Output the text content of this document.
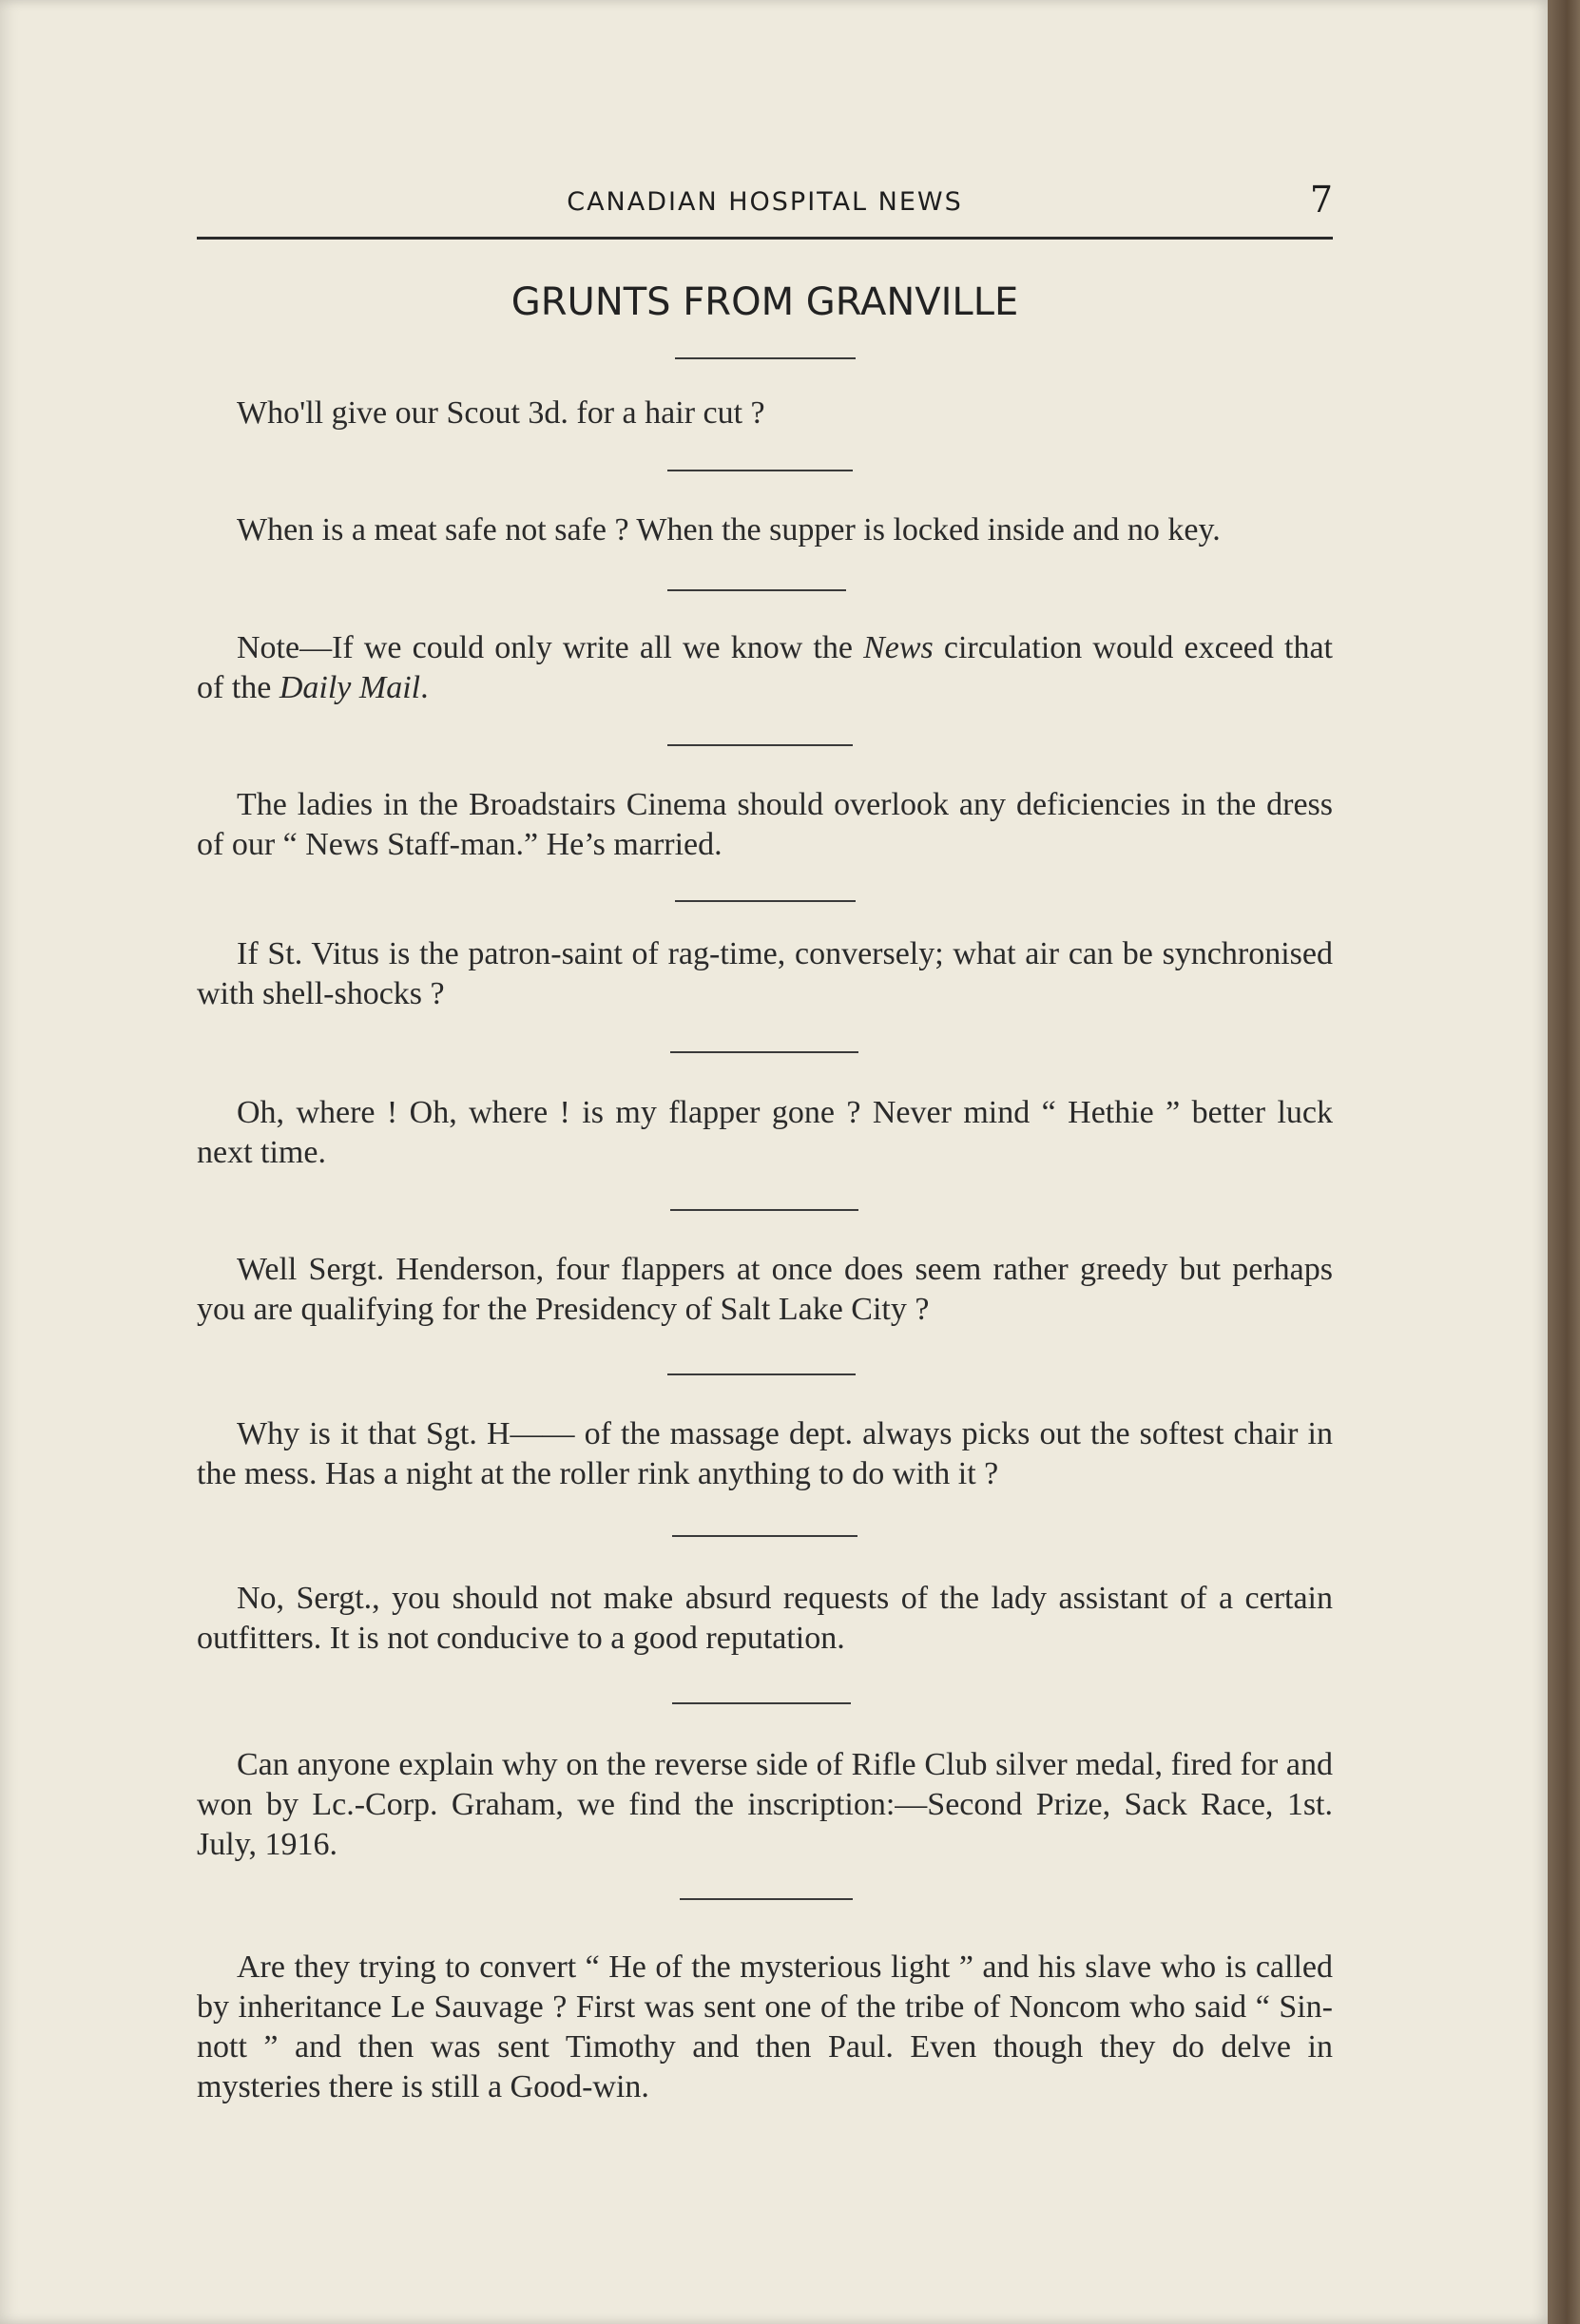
CANADIAN HOSPITAL NEWS	7
GRUNTS FROM GRANVILLE

Who'll give our Scout 3d. for a hair cut ?

When is a meat safe not safe ? When the supper is locked inside and no key.

Note—If we could only write all we know the News circulation would exceed that of the Daily Mail.

The ladies in the Broadstairs Cinema should overlook any deficiencies in the dress of our “ News Staff-man.” He’s married.

If St. Vitus is the patron-saint of rag-time, conversely; what air can be synchronised with shell-shocks ?

Oh, where ! Oh, where ! is my flapper gone ? Never mind “ Hethie ” better luck next time.

Well Sergt. Henderson, four flappers at once does seem rather greedy but perhaps you are qualifying for the Presidency of Salt Lake City ?

Why is it that Sgt. H—— of the massage dept. always picks out the softest chair in the mess. Has a night at the roller rink anything to do with it ?

No, Sergt., you should not make absurd requests of the lady assistant of a certain outfitters. It is not conducive to a good reputation.

Can anyone explain why on the reverse side of Rifle Club silver medal, fired for and won by Lc.-Corp. Graham, we find the inscription:—Second Prize, Sack Race, 1st. July, 1916.

Are they trying to convert “ He of the mysterious light ” and his slave who is called by inheritance Le Sauvage ? First was sent one of the tribe of Noncom who said “ Sin-nott ” and then was sent Timothy and then Paul. Even though they do delve in mysteries there is still a Good-win.
